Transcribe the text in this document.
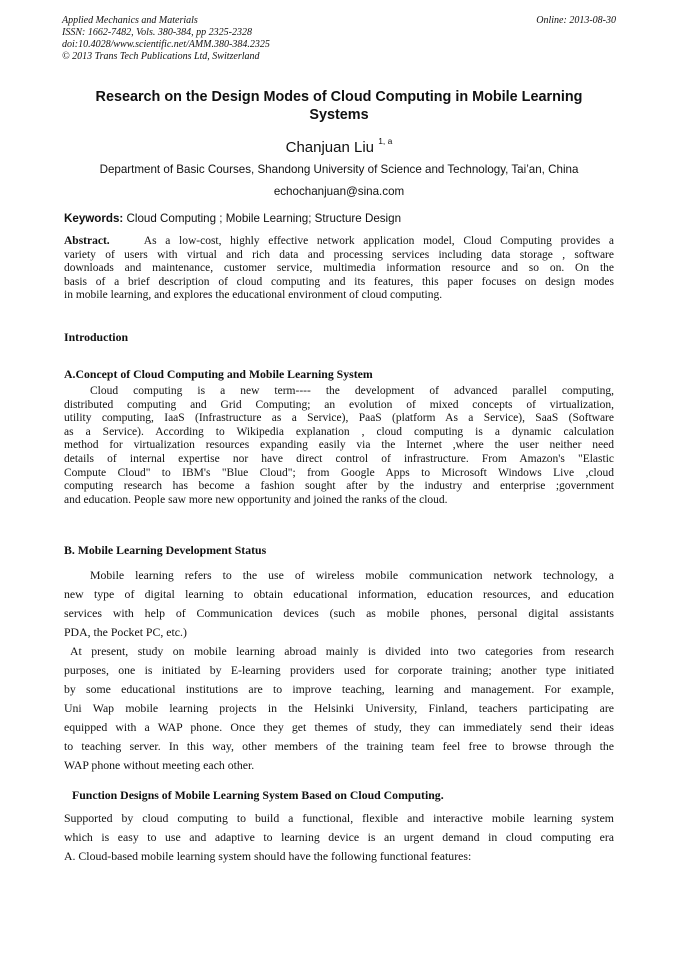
Applied Mechanics and Materials
ISSN: 1662-7482, Vols. 380-384, pp 2325-2328
doi:10.4028/www.scientific.net/AMM.380-384.2325
© 2013 Trans Tech Publications Ltd, Switzerland
Online: 2013-08-30
Research on the Design Modes of Cloud Computing in Mobile Learning
Systems
Chanjuan Liu $^{1, a}$
Department of Basic Courses, Shandong University of Science and Technology, Tai’an, China
echochanjuan@sina.com
Keywords: Cloud Computing ; Mobile Learning; Structure Design
Abstract.	As a low-cost, highly effective network application model, Cloud Computing provides a
variety of users with virtual and rich data and processing services including data storage , software
downloads and maintenance, customer service, multimedia information resource and so on. On the
basis of a brief description of cloud computing and its features, this paper focuses on design modes
in mobile learning, and explores the educational environment of cloud computing.
Introduction
A.Concept of Cloud Computing and Mobile Learning System
Cloud computing is a new term---- the development of advanced parallel computing,
distributed computing and Grid Computing; an evolution of mixed concepts of virtualization,
utility computing, IaaS (Infrastructure as a Service), PaaS (platform As a Service), SaaS (Software
as a Service). According to Wikipedia explanation , cloud computing is a dynamic calculation
method for virtualization resources expanding easily via the Internet ,where the user neither need
details of internal expertise nor have direct control of infrastructure. From Amazon's "Elastic
Compute Cloud" to IBM's "Blue Cloud"; from Google Apps to Microsoft Windows Live ,cloud
computing research has become a fashion sought after by the industry and enterprise ;government
and education. People saw more new opportunity and joined the ranks of the cloud.
B. Mobile Learning Development Status
Mobile learning refers to the use of wireless mobile communication network technology, a
new type of digital learning to obtain educational information, education resources, and education
services with help of Communication devices (such as mobile phones, personal digital assistants
PDA, the Pocket PC, etc.)
At present, study on mobile learning abroad mainly is divided into two categories from research
purposes, one is initiated by E-learning providers used for corporate training; another type initiated
by some educational institutions are to improve teaching, learning and management. For example,
Uni Wap mobile learning projects in the Helsinki University, Finland, teachers participating are
equipped with a WAP phone. Once they get themes of study, they can immediately send their ideas
to teaching server. In this way, other members of the training team feel free to browse through the
WAP phone without meeting each other.
Function Designs of Mobile Learning System Based on Cloud Computing.
Supported by cloud computing to build a functional, flexible and interactive mobile learning system
which is easy to use and adaptive to learning device is an urgent demand in cloud computing era
A. Cloud-based mobile learning system should have the following functional features:
